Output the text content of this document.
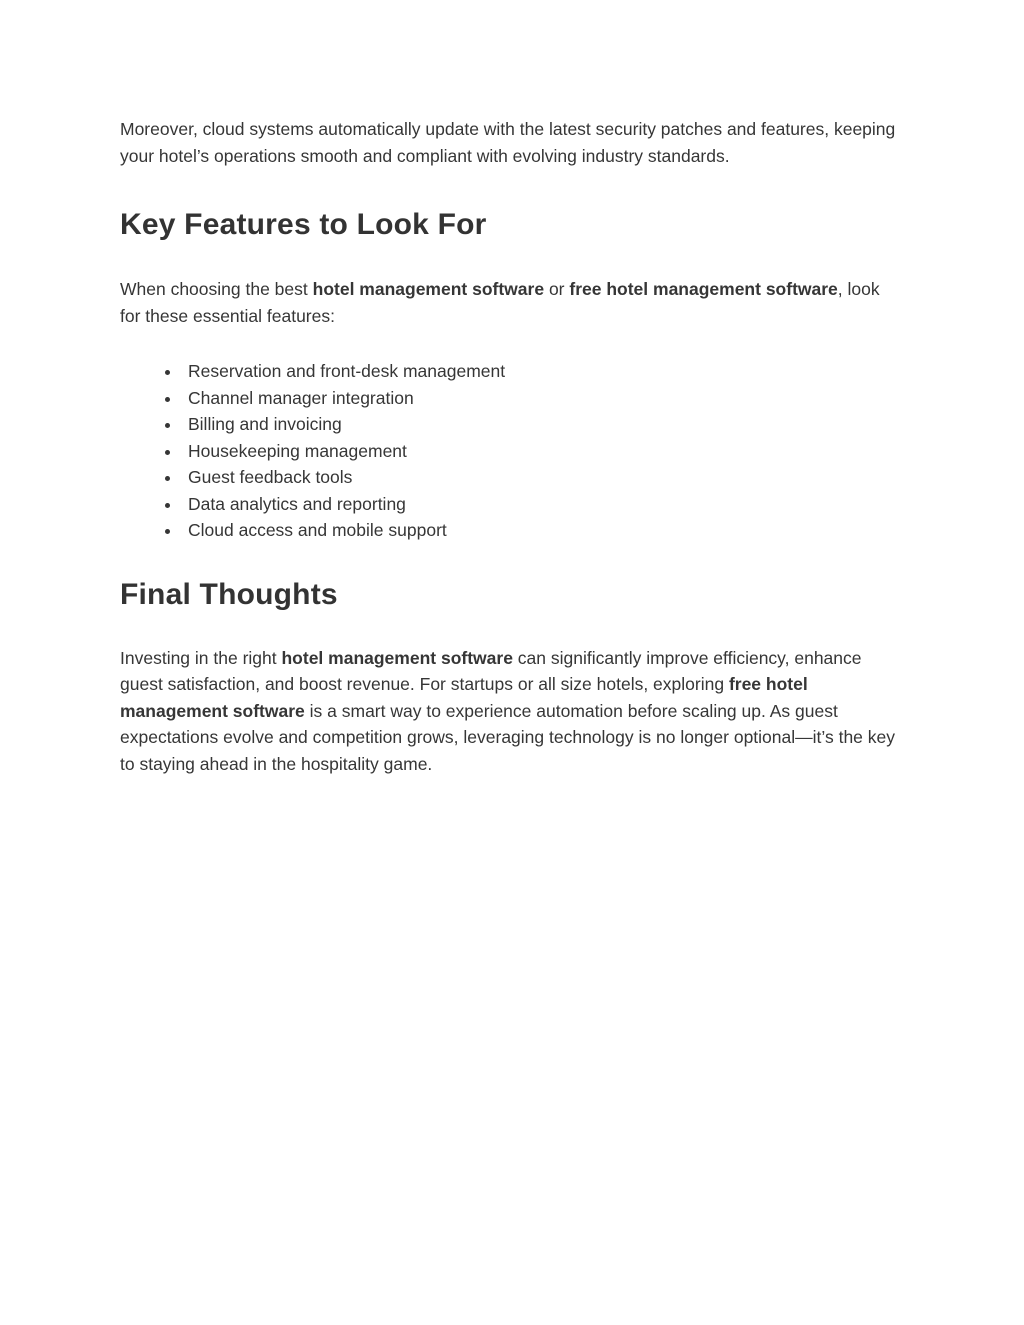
Moreover, cloud systems automatically update with the latest security patches and features, keeping your hotel’s operations smooth and compliant with evolving industry standards.

Key Features to Look For

When choosing the best hotel management software or free hotel management software, look for these essential features:

• Reservation and front-desk management
• Channel manager integration
• Billing and invoicing
• Housekeeping management
• Guest feedback tools
• Data analytics and reporting
• Cloud access and mobile support
Final Thoughts

Investing in the right hotel management software can significantly improve efficiency, enhance guest satisfaction, and boost revenue. For startups or all size hotels, exploring free hotel management software is a smart way to experience automation before scaling up. As guest expectations evolve and competition grows, leveraging technology is no longer optional—it’s the key to staying ahead in the hospitality game.
